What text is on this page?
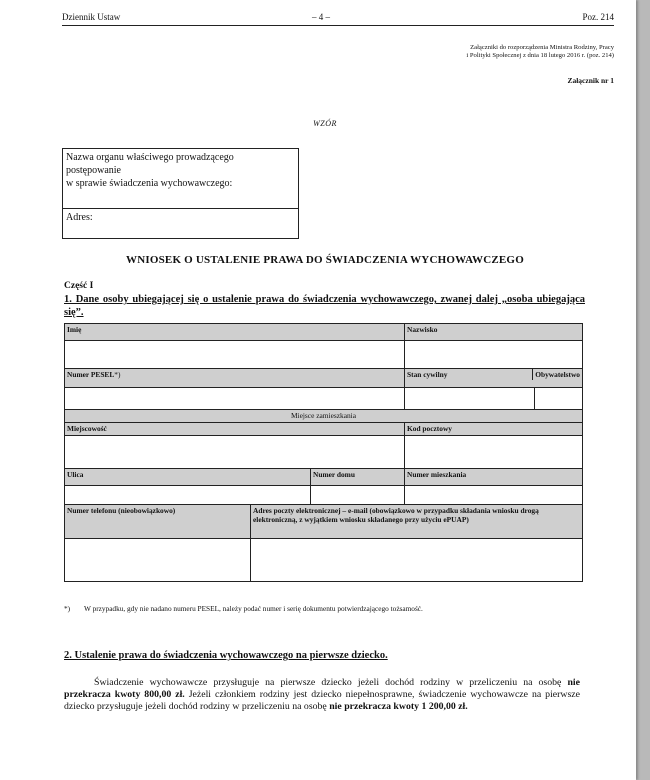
Dziennik Ustaw	– 4 –	Poz. 214
Załączniki do rozporządzenia Ministra Rodziny, Pracy
i Polityki Społecznej z dnia 18 lutego 2016 r. (poz. 214)
Załącznik nr 1
WZÓR
Nazwa organu właściwego prowadzącego
postępowanie
w sprawie świadczenia wychowawczego:
Adres:
WNIOSEK O USTALENIE PRAWA DO ŚWIADCZENIA WYCHOWAWCZEGO
Część I
1. Dane osoby ubiegającej się o ustalenie prawa do świadczenia wychowawczego, zwanej dalej „osoba ubiegająca się”.
Imię			Nazwisko

Numer PESEL*)			Stan cywilny Obywatelstwo

Miejsce zamieszkania			
Miejscowość			Kod pocztowy

Ulica		Numer domu	Numer mieszkania

Numer telefonu (nieobowiązkowo)	Adres poczty elektronicznej – e-mail (obowiązkowo w przypadku składania wniosku drogą elektroniczną, z wyjątkiem wniosku składanego przy użyciu ePUAP)		

*) W przypadku, gdy nie nadano numeru PESEL, należy podać numer i serię dokumentu potwierdzającego tożsamość.
2. Ustalenie prawa do świadczenia wychowawczego na pierwsze dziecko.
Świadczenie wychowawcze przysługuje na pierwsze dziecko jeżeli dochód rodziny w przeliczeniu na osobę nie przekracza kwoty 800,00 zł. Jeżeli członkiem rodziny jest dziecko niepełnosprawne, świadczenie wychowawcze na pierwsze dziecko przysługuje jeżeli dochód rodziny w przeliczeniu na osobę nie przekracza kwoty 1 200,00 zł.
